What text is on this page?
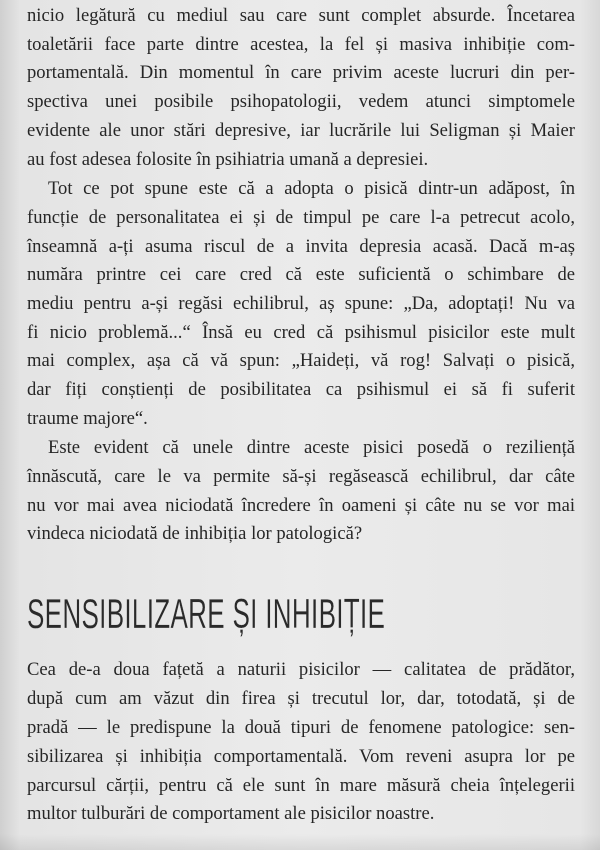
nicio legătură cu mediul sau care sunt complet absurde. Încetarea
toaletării face parte dintre acestea, la fel și masiva inhibiție com-
portamentală. Din momentul în care privim aceste lucruri din per-
spectiva unei posibile psihopatologii, vedem atunci simptomele
evidente ale unor stări depresive, iar lucrările lui Seligman și Maier
au fost adesea folosite în psihiatria umană a depresiei.
Tot ce pot spune este că a adopta o pisică dintr-un adăpost, în
funcție de personalitatea ei și de timpul pe care l-a petrecut acolo,
înseamnă a-ți asuma riscul de a invita depresia acasă. Dacă m-aș
număra printre cei care cred că este suficientă o schimbare de
mediu pentru a-și regăsi echilibrul, aș spune: „Da, adoptați! Nu va
fi nicio problemă...“ Însă eu cred că psihismul pisicilor este mult
mai complex, așa că vă spun: „Haideți, vă rog! Salvați o pisică,
dar fiți conștienți de posibilitatea ca psihismul ei să fi suferit
traume majore“.
Este evident că unele dintre aceste pisici posedă o reziliență
înnăscută, care le va permite să-și regăsească echilibrul, dar câte
nu vor mai avea niciodată încredere în oameni și câte nu se vor mai
vindeca niciodată de inhibiția lor patologică?
SENSIBILIZARE ȘI INHIBIȚIE
Cea de-a doua fațetă a naturii pisicilor — calitatea de prădător,
după cum am văzut din firea și trecutul lor, dar, totodată, și de
pradă — le predispune la două tipuri de fenomene patologice: sen-
sibilizarea și inhibiția comportamentală. Vom reveni asupra lor pe
parcursul cărții, pentru că ele sunt în mare măsură cheia înțelegerii
multor tulburări de comportament ale pisicilor noastre.
